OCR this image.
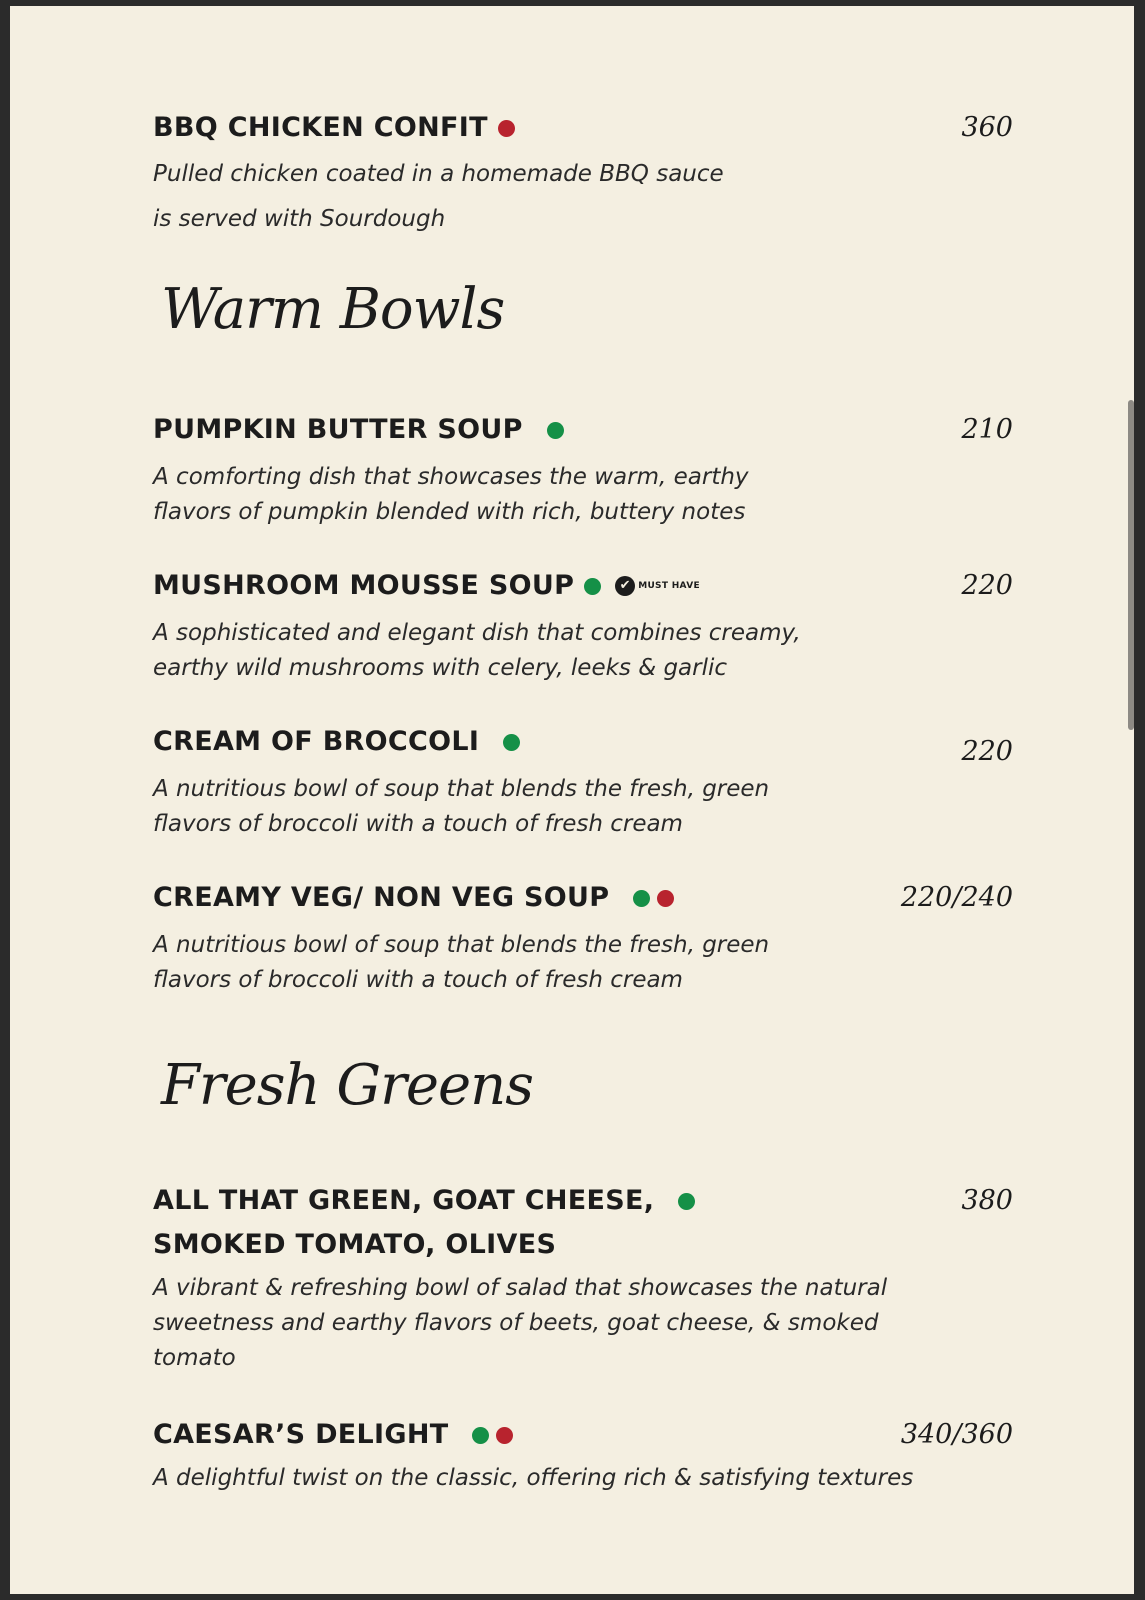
BBQ CHICKEN CONFIT	360
Pulled chicken coated in a homemade BBQ sauce
is served with Sourdough
Warm Bowls
PUMPKIN BUTTER SOUP	210
A comforting dish that showcases the warm, earthy
flavors of pumpkin blended with rich, buttery notes
MUSHROOM MOUSSE SOUP	✔ MUST HAVE	220
A sophisticated and elegant dish that combines creamy,
earthy wild mushrooms with celery, leeks & garlic
CREAM OF BROCCOLI	220
A nutritious bowl of soup that blends the fresh, green
flavors of broccoli with a touch of fresh cream
CREAMY VEG/ NON VEG SOUP	220/240
A nutritious bowl of soup that blends the fresh, green
flavors of broccoli with a touch of fresh cream
Fresh Greens
ALL THAT GREEN, GOAT CHEESE,
SMOKED TOMATO, OLIVES
380
A vibrant & refreshing bowl of salad that showcases the natural
sweetness and earthy flavors of beets, goat cheese, & smoked
tomato
CAESAR’S DELIGHT	340/360
A delightful twist on the classic, offering rich & satisfying textures
